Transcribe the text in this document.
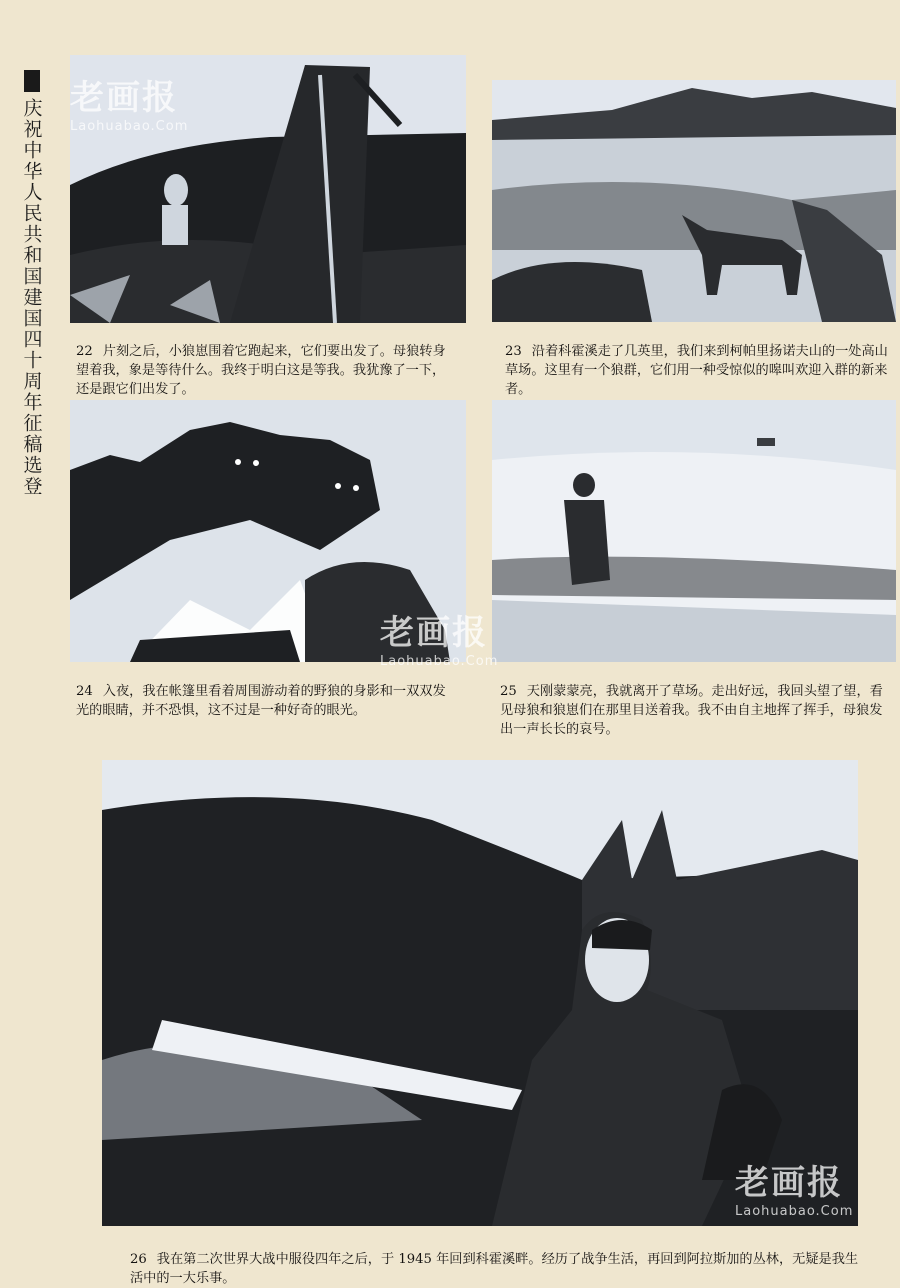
庆祝中华人民共和国建国四十周年征稿选登	22 片刻之后，小狼崽围着它跑起来，它们要出发了。母狼转身望着我，象是等待什么。我终于明白这是等我。我犹豫了一下，还是跟它们出发了。
23 沿着科霍溪走了几英里，我们来到柯帕里扬诺夫山的一处高山草场。这里有一个狼群，它们用一种受惊似的嗥叫欢迎入群的新来者。
24 入夜，我在帐篷里看着周围游动着的野狼的身影和一双双发光的眼睛，并不恐惧，这不过是一种好奇的眼光。
25 天刚蒙蒙亮，我就离开了草场。走出好远，我回头望了望，看见母狼和狼崽们在那里目送着我。我不由自主地挥了挥手，母狼发出一声长长的哀号。
26 我在第二次世界大战中服役四年之后，于 1945 年回到科霍溪畔。经历了战争生活，再回到阿拉斯加的丛林，无疑是我生活中的一大乐事。
老画报
Laohuabao.Com
老画报
Laohuabao.Com
老画报
Laohuabao.Com
